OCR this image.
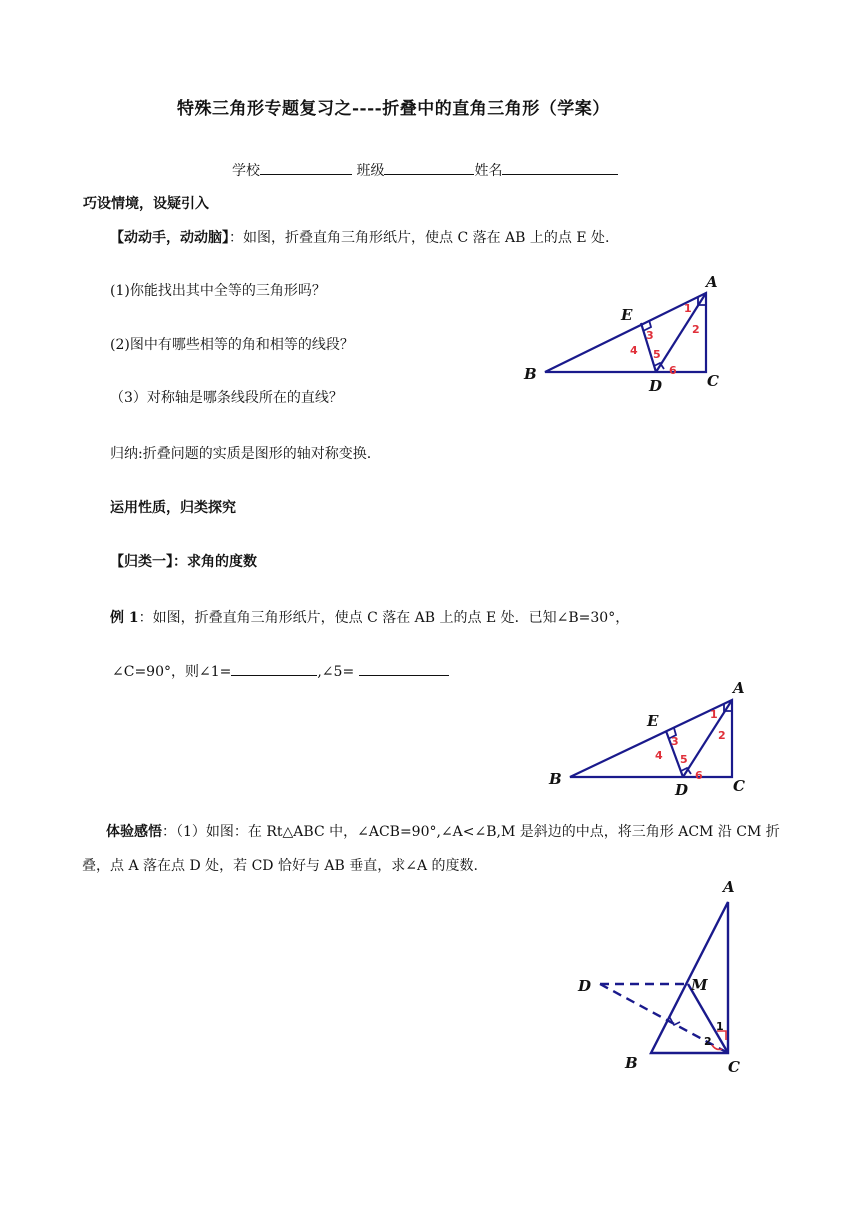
特殊三角形专题复习之----折叠中的直角三角形（学案）
学校	班级	姓名
巧设情境，设疑引入
【动动手，动动脑】：如图，折叠直角三角形纸片，使点 C 落在 AB 上的点 E 处.
(1)你能找出其中全等的三角形吗？
(2)图中有哪些相等的角和相等的线段？
（3）对称轴是哪条线段所在的直线？
归纳:折叠问题的实质是图形的轴对称变换.
A
B	C
D
E	1
2
3
4 5
6
运用性质，归类探究
【归类一】：求角的度数
例 1：如图，折叠直角三角形纸片，使点 C 落在 AB 上的点 E 处．已知∠B=30°，
∠C=90°，则∠1=	,∠5=
A
B	C
D
E	1
2
3
4 5
6
体验感悟：（1）如图：在 Rt△ABC 中，∠ACB=90°,∠A<∠B,M 是斜边的中点，将三角形 ACM 沿 CM 折
叠，点 A 落在点 D 处，若 CD 恰好与 AB 垂直，求∠A 的度数.
A
B	C
D	M
1
2
